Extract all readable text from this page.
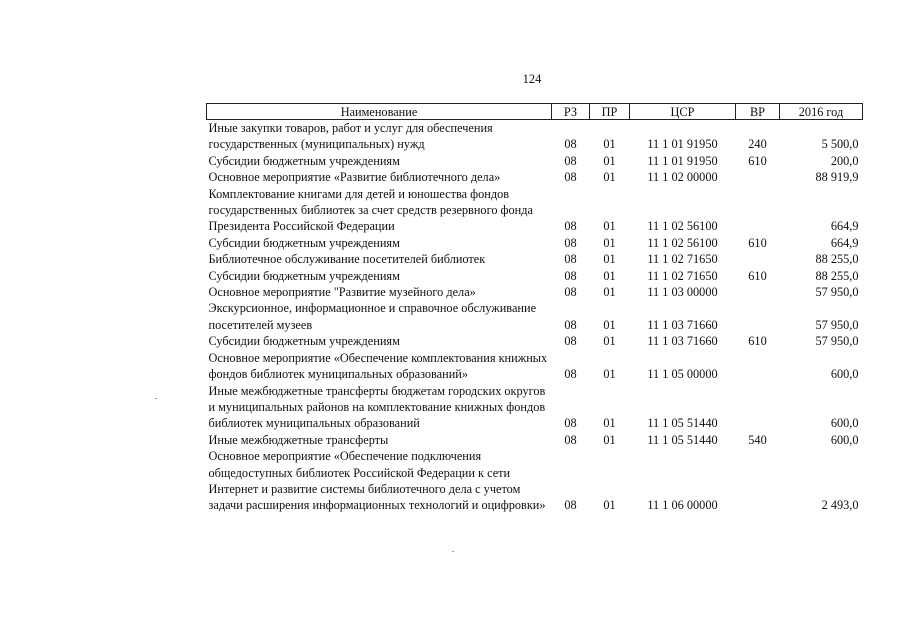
124
Наименование	РЗ	ПР	ЦСР	ВР	2016 год
Иные закупки товаров, работ и услуг для обеспечения государственных (муниципальных) нужд	08	01	11 1 01 91950	240	5 500,0
Субсидии бюджетным учреждениям	08	01	11 1 01 91950	610	200,0
Основное мероприятие «Развитие библиотечного дела»	08	01	11 1 02 00000		88 919,9
Комплектование книгами для детей и юношества фондов государственных библиотек за счет средств резервного фонда Президента Российской Федерации	08	01	11 1 02 56100		664,9
Субсидии бюджетным учреждениям	08	01	11 1 02 56100	610	664,9
Библиотечное обслуживание посетителей библиотек	08	01	11 1 02 71650		88 255,0
Субсидии бюджетным учреждениям	08	01	11 1 02 71650	610	88 255,0
Основное мероприятие "Развитие музейного дела»	08	01	11 1 03 00000		57 950,0
Экскурсионное, информационное и справочное обслуживание посетителей музеев	08	01	11 1 03 71660		57 950,0
Субсидии бюджетным учреждениям	08	01	11 1 03 71660	610	57 950,0
Основное мероприятие «Обеспечение комплектования книжных фондов библиотек муниципальных образований»	08	01	11 1 05 00000		600,0
Иные межбюджетные трансферты бюджетам городских округов и муниципальных районов на комплектование книжных фондов библиотек муниципальных образований	08	01	11 1 05 51440		600,0
Иные межбюджетные трансферты	08	01	11 1 05 51440	540	600,0
Основное мероприятие «Обеспечение подключения общедоступных библиотек Российской Федерации к сети Интернет и развитие системы библиотечного дела с учетом задачи расширения информационных технологий и оцифровки»	08	01	11 1 06 00000		2 493,0
